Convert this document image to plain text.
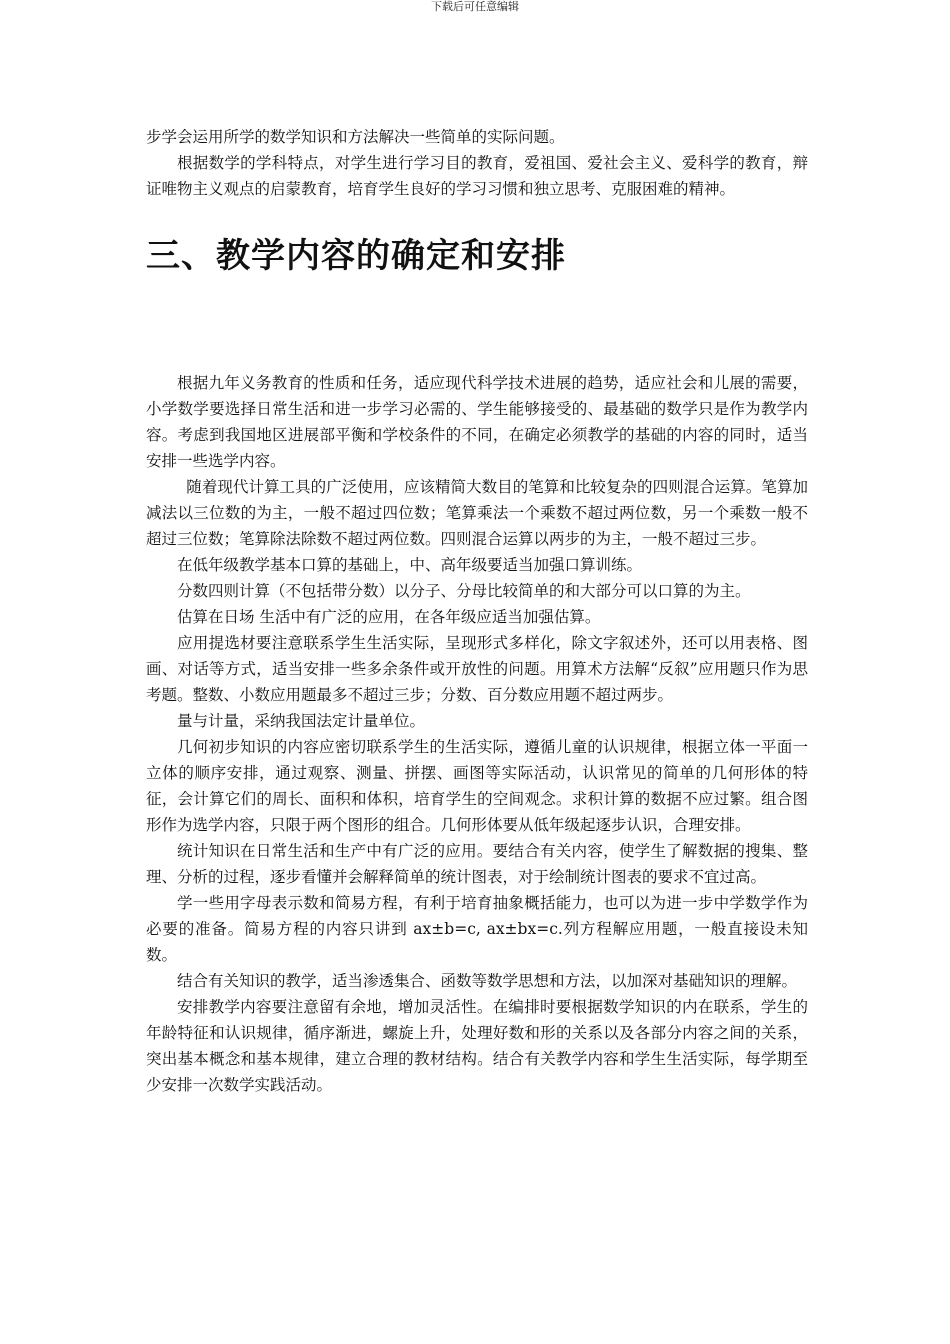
下载后可任意编辑

步学会运用所学的数学知识和方法解决一些简单的实际问题。

根据数学的学科特点，对学生进行学习目的教育，爱祖国、爱社会主义、爱科学的教育，辩证唯物主义观点的启蒙教育，培育学生良好的学习习惯和独立思考、克服困难的精神。

三、教学内容的确定和安排

根据九年义务教育的性质和任务，适应现代科学技术进展的趋势，适应社会和儿展的需要，小学数学要选择日常生活和进一步学习必需的、学生能够接受的、最基础的数学只是作为教学内容。考虑到我国地区进展部平衡和学校条件的不同，在确定必须教学的基础的内容的同时，适当安排一些选学内容。

随着现代计算工具的广泛使用，应该精简大数目的笔算和比较复杂的四则混合运算。笔算加减法以三位数的为主，一般不超过四位数；笔算乘法一个乘数不超过两位数，另一个乘数一般不超过三位数；笔算除法除数不超过两位数。四则混合运算以两步的为主，一般不超过三步。

在低年级教学基本口算的基础上，中、高年级要适当加强口算训练。

分数四则计算（不包括带分数）以分子、分母比较简单的和大部分可以口算的为主。

估算在日场 生活中有广泛的应用，在各年级应适当加强估算。

应用提选材要注意联系学生生活实际，呈现形式多样化，除文字叙述外，还可以用表格、图画、对话等方式，适当安排一些多余条件或开放性的问题。用算术方法解“反叙”应用题只作为思考题。整数、小数应用题最多不超过三步；分数、百分数应用题不超过两步。

量与计量，采纳我国法定计量单位。

几何初步知识的内容应密切联系学生的生活实际，遵循儿童的认识规律，根据立体一平面一立体的顺序安排，通过观察、测量、拼摆、画图等实际活动，认识常见的简单的几何形体的特征，会计算它们的周长、面积和体积，培育学生的空间观念。求积计算的数据不应过繁。组合图形作为选学内容，只限于两个图形的组合。几何形体要从低年级起逐步认识，合理安排。

统计知识在日常生活和生产中有广泛的应用。要结合有关内容，使学生了解数据的搜集、整理、分析的过程，逐步看懂并会解释简单的统计图表，对于绘制统计图表的要求不宜过高。

学一些用字母表示数和简易方程，有利于培育抽象概括能力，也可以为进一步中学数学作为必要的准备。简易方程的内容只讲到 ax±b=c, ax±bx=c.列方程解应用题，一般直接设未知数。

结合有关知识的教学，适当渗透集合、函数等数学思想和方法，以加深对基础知识的理解。

安排教学内容要注意留有余地，增加灵活性。在编排时要根据数学知识的内在联系，学生的年龄特征和认识规律，循序渐进，螺旋上升，处理好数和形的关系以及各部分内容之间的关系，突出基本概念和基本规律，建立合理的教材结构。结合有关教学内容和学生生活实际，每学期至少安排一次数学实践活动。
